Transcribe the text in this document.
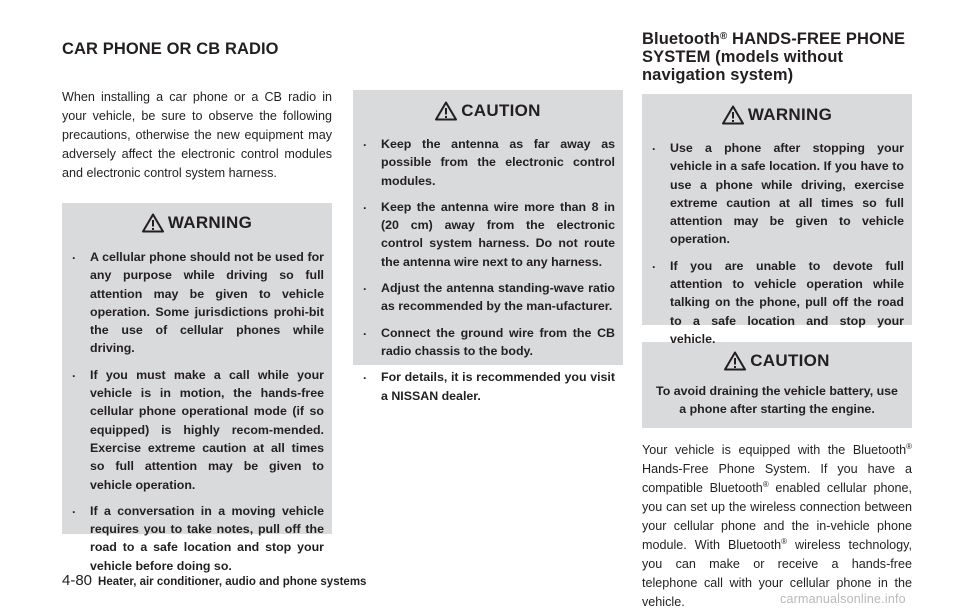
CAR PHONE OR CB RADIO

When installing a car phone or a CB radio in your vehicle, be sure to observe the following precautions, otherwise the new equipment may adversely affect the electronic control modules and electronic control system harness.

WARNING
. A cellular phone should not be used for any purpose while driving so full attention may be given to vehicle operation. Some jurisdictions prohi-bit the use of cellular phones while driving.
. If you must make a call while your vehicle is in motion, the hands-free cellular phone operational mode (if so equipped) is highly recom-mended. Exercise extreme caution at all times so full attention may be given to vehicle operation.
. If a conversation in a moving vehicle requires you to take notes, pull off the road to a safe location and stop your vehicle before doing so.
CAUTION
. Keep the antenna as far away as possible from the electronic control modules.
. Keep the antenna wire more than 8 in (20 cm) away from the electronic control system harness. Do not route the antenna wire next to any harness.
. Adjust the antenna standing-wave ratio as recommended by the man-ufacturer.
. Connect the ground wire from the CB radio chassis to the body.
. For details, it is recommended you visit a NISSAN dealer.
Bluetooth® HANDS-FREE PHONE SYSTEM (models without navigation system)
WARNING
. Use a phone after stopping your vehicle in a safe location. If you have to use a phone while driving, exercise extreme caution at all times so full attention may be given to vehicle operation.
. If you are unable to devote full attention to vehicle operation while talking on the phone, pull off the road to a safe location and stop your vehicle.
CAUTION

To avoid draining the vehicle battery, use a phone after starting the engine.

Your vehicle is equipped with the Bluetooth® Hands-Free Phone System. If you have a compatible Bluetooth® enabled cellular phone, you can set up the wireless connection between your cellular phone and the in-vehicle phone module. With Bluetooth® wireless technology, you can make or receive a hands-free telephone call with your cellular phone in the vehicle.

4-80 Heater, air conditioner, audio and phone systems
carmanualsonline.info
